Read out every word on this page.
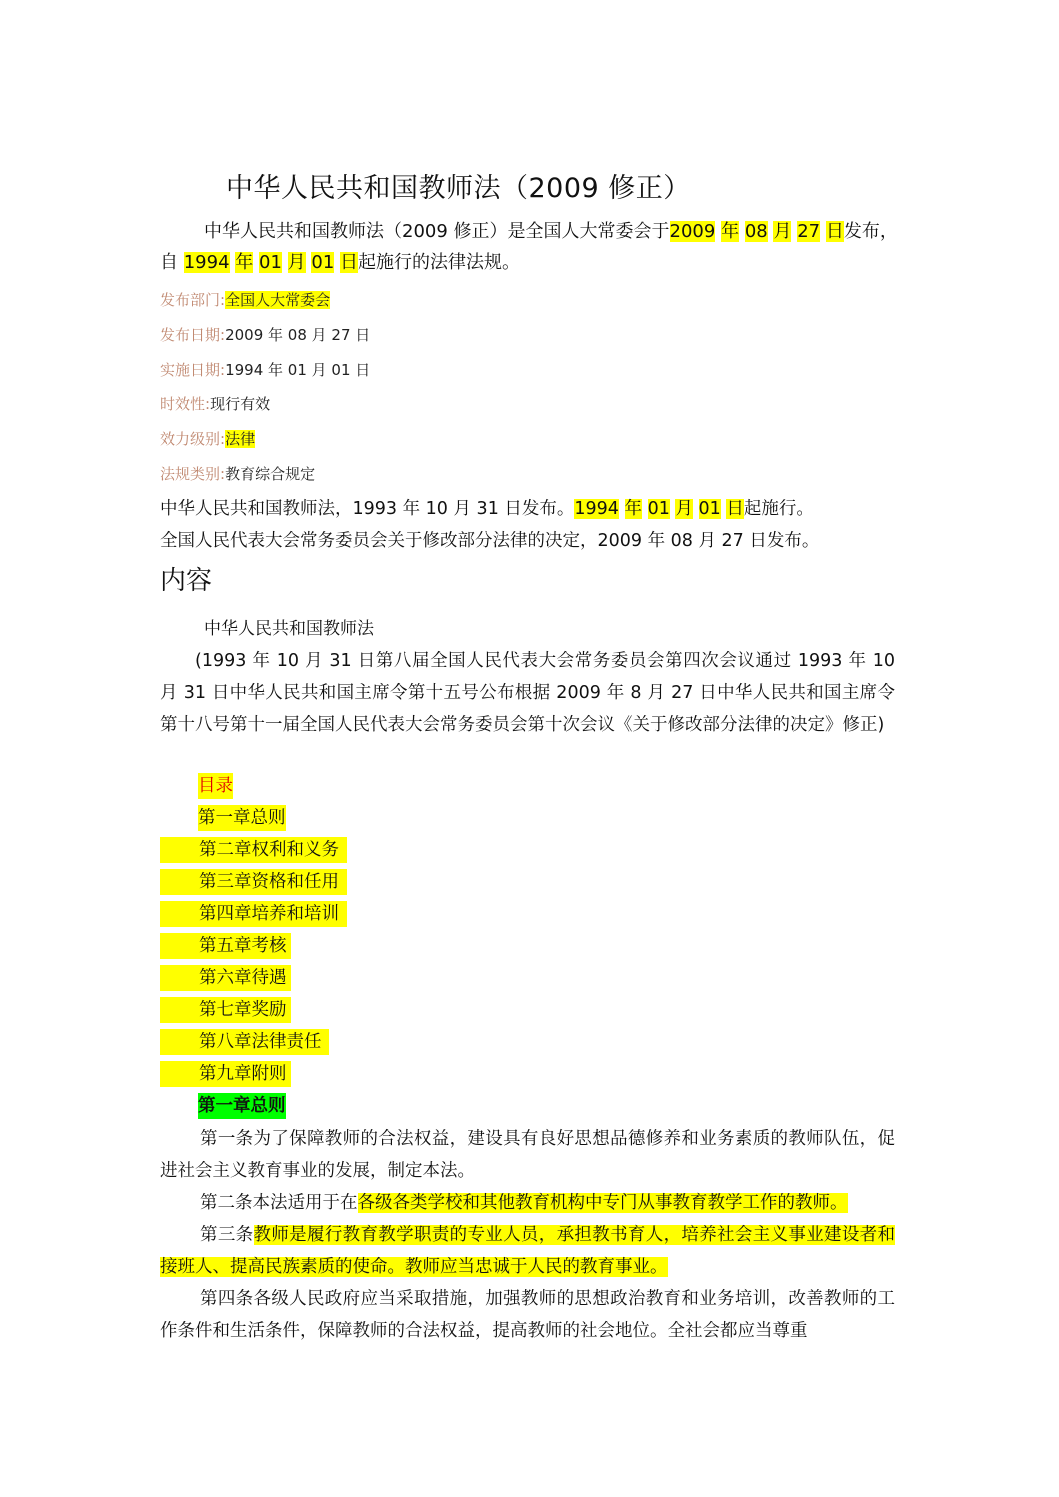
中华人民共和国教师法（2009 修正）
中华人民共和国教师法（2009 修正）是全国人大常委会于2009 年 08 月 27 日发布，自 1994 年 01 月 01 日起施行的法律法规。
发布部门:全国人大常委会
发布日期:2009 年 08 月 27 日
实施日期:1994 年 01 月 01 日
时效性:现行有效
效力级别:法律
法规类别:教育综合规定
中华人民共和国教师法，1993 年 10 月 31 日发布。1994 年 01 月 01 日起施行。
全国人民代表大会常务委员会关于修改部分法律的决定，2009 年 08 月 27 日发布。
内容
中华人民共和国教师法
(1993 年 10 月 31 日第八届全国人民代表大会常务委员会第四次会议通过 1993 年 10 月 31 日中华人民共和国主席令第十五号公布根据 2009 年 8 月 27 日中华人民共和国主席令第十八号第十一届全国人民代表大会常务委员会第十次会议《关于修改部分法律的决定》修正)
目录
第一章总则
第二章权利和义务
第三章资格和任用
第四章培养和培训
第五章考核
第六章待遇
第七章奖励
第八章法律责任
第九章附则
第一章总则
第一条为了保障教师的合法权益，建设具有良好思想品德修养和业务素质的教师队伍，促进社会主义教育事业的发展，制定本法。
第二条本法适用于在各级各类学校和其他教育机构中专门从事教育教学工作的教师。
第三条教师是履行教育教学职责的专业人员，承担教书育人，培养社会主义事业建设者和接班人、提高民族素质的使命。教师应当忠诚于人民的教育事业。
第四条各级人民政府应当采取措施，加强教师的思想政治教育和业务培训，改善教师的工作条件和生活条件，保障教师的合法权益，提高教师的社会地位。全社会都应当尊重
